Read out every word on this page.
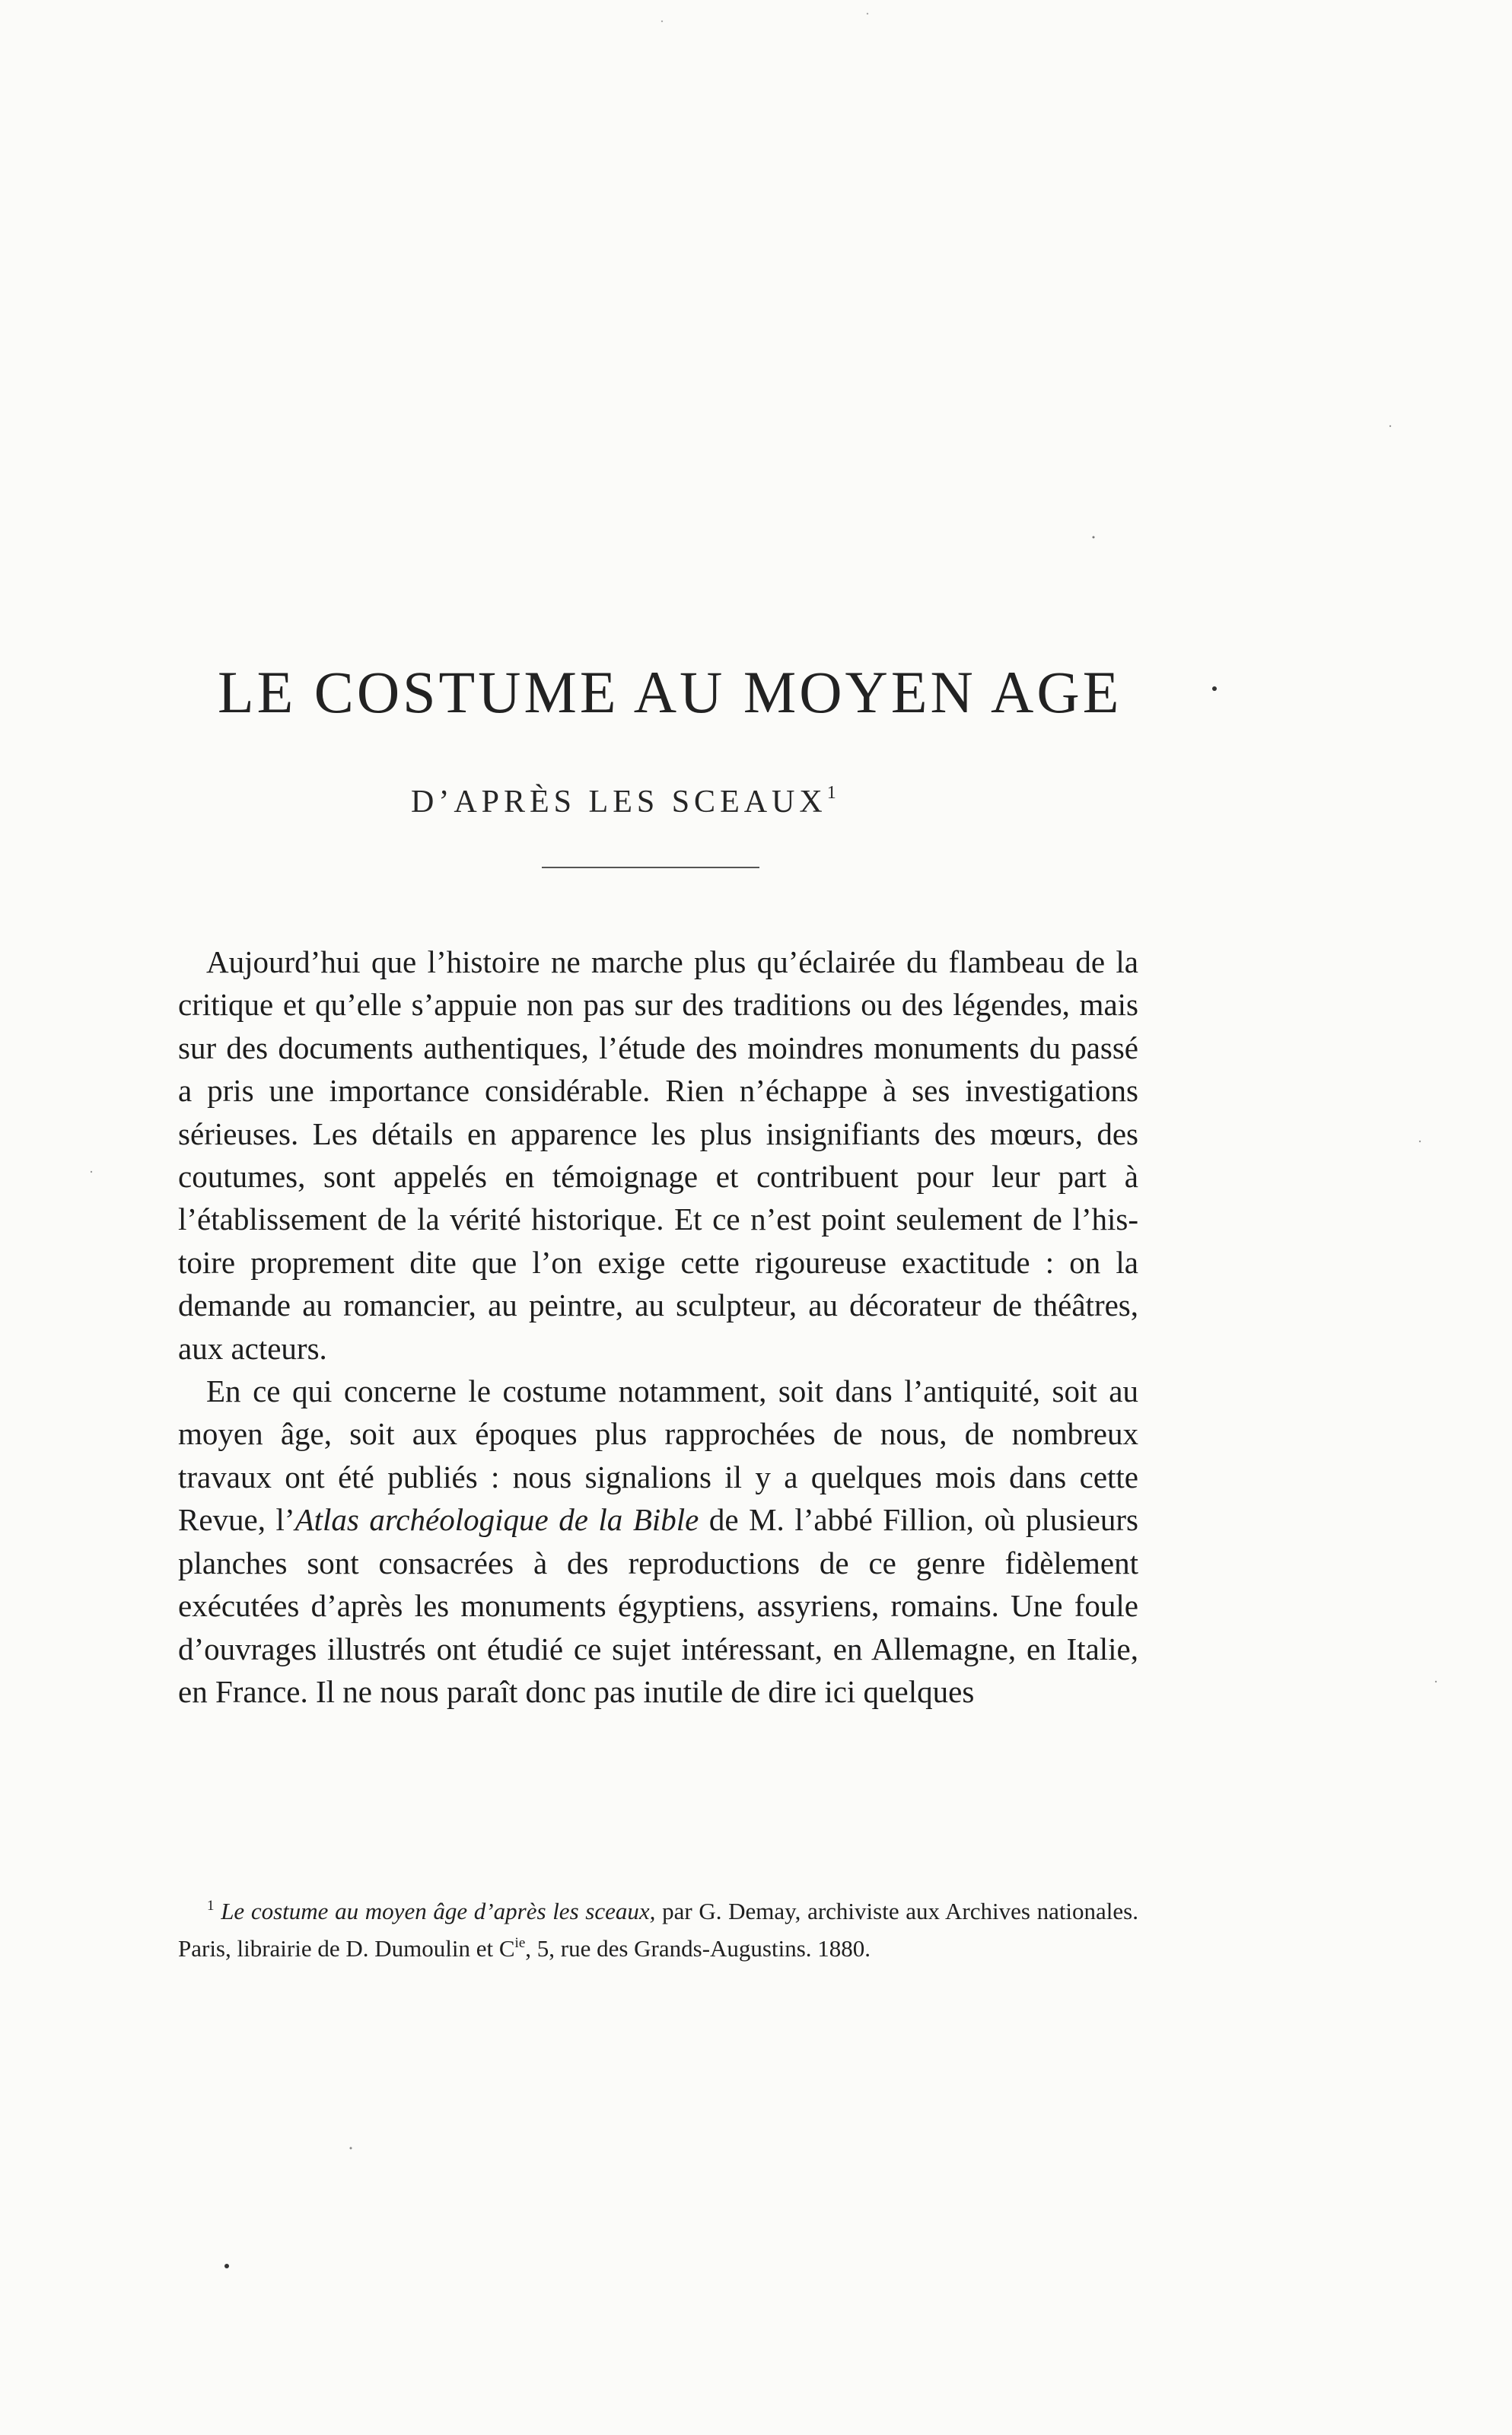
LE COSTUME AU MOYEN AGE
D’APRÈS LES SCEAUX$^1$

Aujourd’hui que l’histoire ne marche plus qu’éclairée du flambeau de la critique et qu’elle s’appuie non pas sur des traditions ou des légendes, mais sur des documents authentiques, l’étude des moindres monuments du passé a pris une importance considérable. Rien n’échappe à ses investigations sérieuses. Les détails en apparence les plus insignifiants des mœurs, des coutumes, sont appelés en témoignage et contribuent pour leur part à l’établissement de la vérité historique. Et ce n’est point seulement de l’histoire proprement dite que l’on exige cette rigoureuse exactitude : on la demande au romancier, au peintre, au sculpteur, au décorateur de théâtres, aux acteurs.

En ce qui concerne le costume notamment, soit dans l’antiquité, soit au moyen âge, soit aux époques plus rapprochées de nous, de nombreux travaux ont été publiés : nous signalions il y a quelques mois dans cette Revue, l’Atlas archéologique de la Bible de M. l’abbé Fillion, où plusieurs planches sont consacrées à des reproductions de ce genre fidèlement exécutées d’après les monuments égyptiens, assyriens, romains. Une foule d’ouvrages illustrés ont étudié ce sujet intéressant, en Allemagne, en Italie, en France. Il ne nous paraît donc pas inutile de dire ici quelques

$^1$ Le costume au moyen âge d’après les sceaux, par G. Demay, archiviste aux Archives nationales. Paris, librairie de D. Dumoulin et $C^{ie}$, 5, rue des Grands-Augustins. 1880.
